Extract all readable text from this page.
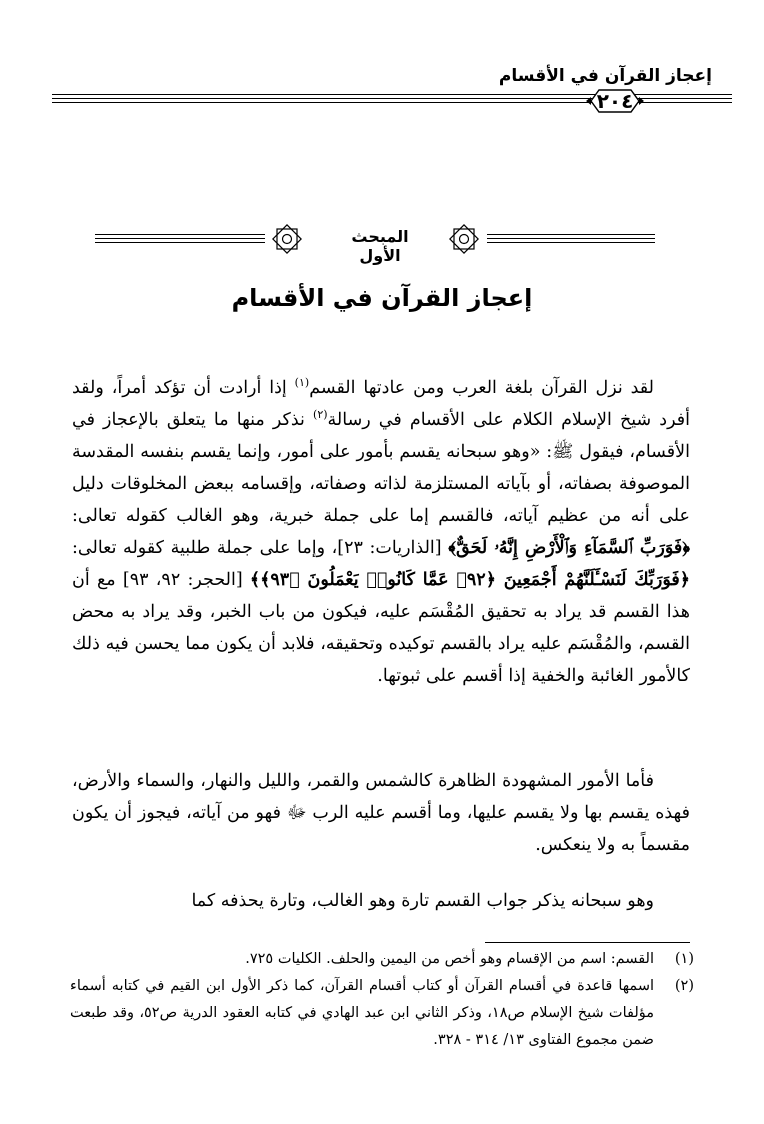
إعجاز القرآن في الأقسام
٢٠٤
المبحث الأول
إعجاز القرآن في الأقسام

لقد نزل القرآن بلغة العرب ومن عادتها القسم$^{(١)}$ إذا أرادت أن تؤكد أمراً، ولقد أفرد شيخ الإسلام الكلام على الأقسام في رسالة$^{(٢)}$ نذكر منها ما يتعلق بالإعجاز في الأقسام، فيقول ﷺ: «وهو سبحانه يقسم بأمور على أمور، وإنما يقسم بنفسه المقدسة الموصوفة بصفاته، أو بآياته المستلزمة لذاته وصفاته، وإقسامه ببعض المخلوقات دليل على أنه من عظيم آياته، فالقسم إما على جملة خبرية، وهو الغالب كقوله تعالى: ﴿فَوَرَبِّ ٱلسَّمَآءِ وَٱلْأَرْضِ إِنَّهُۥ لَحَقٌّ﴾ [الذاريات: ٢٣]، وإما على جملة طلبية كقوله تعالى: ﴿فَوَرَبِّكَ لَنَسْـَٔلَنَّهُمْ أَجْمَعِينَ ﴿٩٢﴾ عَمَّا كَانُوا۟ يَعْمَلُونَ ﴿٩٣﴾﴾ [الحجر: ٩٢، ٩٣] مع أن هذا القسم قد يراد به تحقيق المُقْسَم عليه، فيكون من باب الخبر، وقد يراد به محض القسم، والمُقْسَم عليه يراد بالقسم توكيده وتحقيقه، فلابد أن يكون مما يحسن فيه ذلك كالأمور الغائبة والخفية إذا أقسم على ثبوتها.

فأما الأمور المشهودة الظاهرة كالشمس والقمر، والليل والنهار، والسماء والأرض، فهذه يقسم بها ولا يقسم عليها، وما أقسم عليه الرب ﷻ فهو من آياته، فيجوز أن يكون مقسماً به ولا ينعكس.

وهو سبحانه يذكر جواب القسم تارة وهو الغالب، وتارة يحذفه كما

(١)
القسم: اسم من الإقسام وهو أخص من اليمين والحلف. الكليات ٧٢٥.
(٢)
اسمها قاعدة في أقسام القرآن أو كتاب أقسام القرآن، كما ذكر الأول ابن القيم في كتابه أسماء مؤلفات شيخ الإسلام ص١٨، وذكر الثاني ابن عبد الهادي في كتابه العقود الدرية ص٥٢، وقد طبعت ضمن مجموع الفتاوى ١٣/ ٣١٤ - ٣٢٨.
